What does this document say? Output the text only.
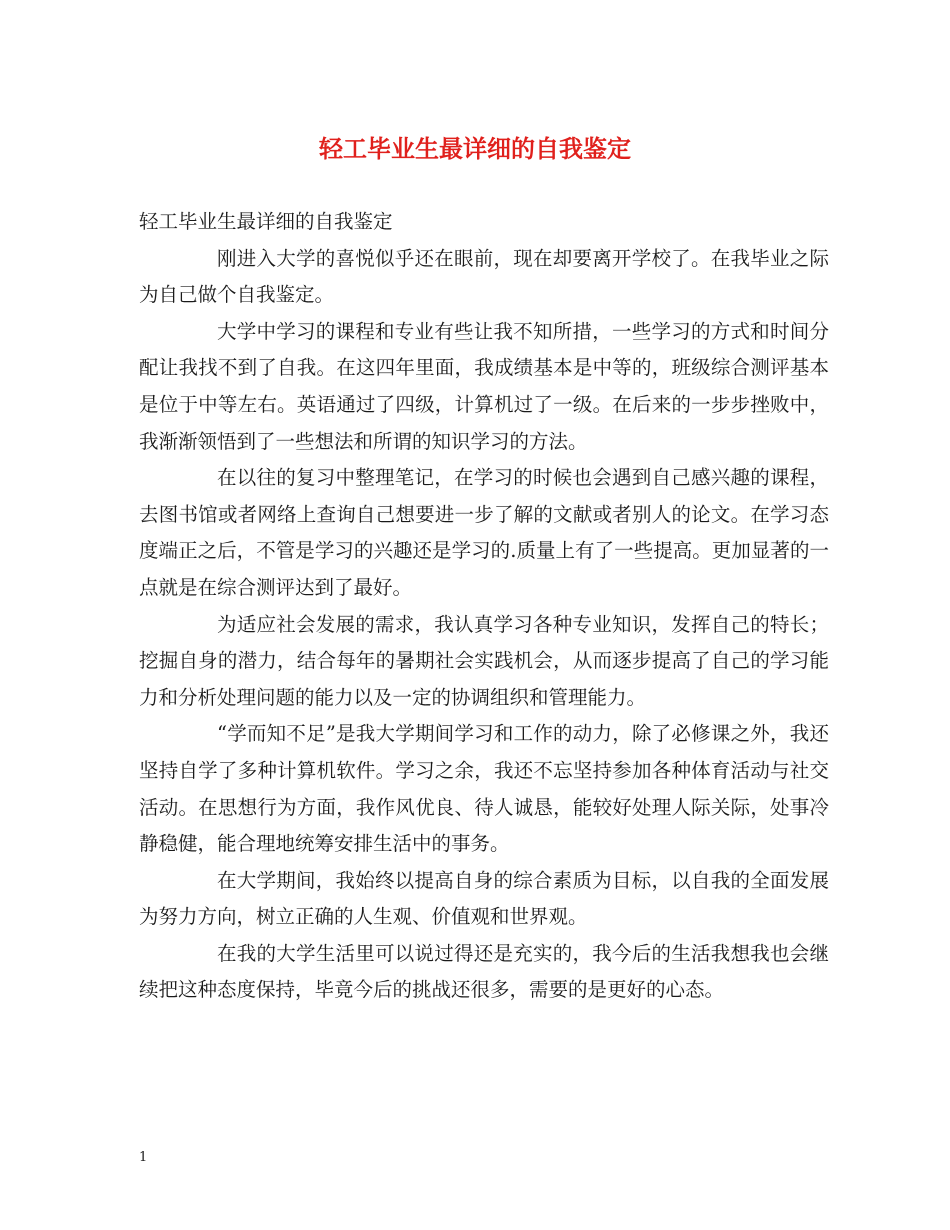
轻工毕业生最详细的自我鉴定

轻工毕业生最详细的自我鉴定

刚进入大学的喜悦似乎还在眼前，现在却要离开学校了。在我毕业之际为自己做个自我鉴定。

大学中学习的课程和专业有些让我不知所措，一些学习的方式和时间分配让我找不到了自我。在这四年里面，我成绩基本是中等的，班级综合测评基本是位于中等左右。英语通过了四级，计算机过了一级。在后来的一步步挫败中，我渐渐领悟到了一些想法和所谓的知识学习的方法。

在以往的复习中整理笔记，在学习的时候也会遇到自己感兴趣的课程，去图书馆或者网络上查询自己想要进一步了解的文献或者别人的论文。在学习态度端正之后，不管是学习的兴趣还是学习的.质量上有了一些提高。更加显著的一点就是在综合测评达到了最好。

为适应社会发展的需求，我认真学习各种专业知识，发挥自己的特长；挖掘自身的潜力，结合每年的暑期社会实践机会，从而逐步提高了自己的学习能力和分析处理问题的能力以及一定的协调组织和管理能力。

“学而知不足”是我大学期间学习和工作的动力，除了必修课之外，我还坚持自学了多种计算机软件。学习之余，我还不忘坚持参加各种体育活动与社交活动。在思想行为方面，我作风优良、待人诚恳，能较好处理人际关际，处事冷静稳健，能合理地统筹安排生活中的事务。

在大学期间，我始终以提高自身的综合素质为目标，以自我的全面发展为努力方向，树立正确的人生观、价值观和世界观。

在我的大学生活里可以说过得还是充实的，我今后的生活我想我也会继续把这种态度保持，毕竟今后的挑战还很多，需要的是更好的心态。

1
